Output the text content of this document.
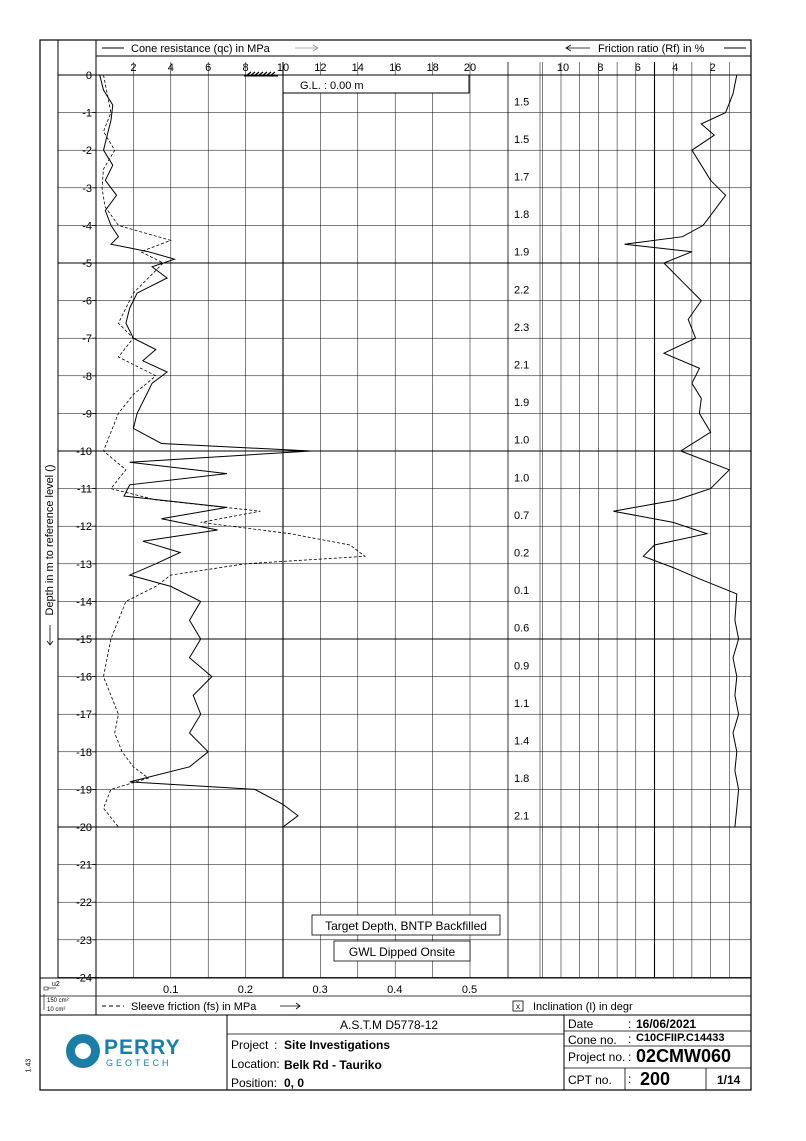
0
-1
-2
-3
-4
-5
-6
-7
-8
-9
-10
-11
-12
-13
-14
-15
-16
-17
-18
-19
-20
-21
-22
-23
-24
2	4	6	8	10 12 14 16 18 20
0.1	0.2	0.3	0.4	0.5
10	8	6	4	2
1.5
1.5
1.7
1.8
1.9
2.2
2.3
2.1
1.9
1.0
1.0
0.7
0.2
0.1
0.6
0.9
1.1
1.4
1.8
2.1
Cone resistance (qc) in MPa	Friction ratio (Rf) in %
G.L. : 0.00 m
Target Depth, BNTP Backfilled
GWL Dipped Onsite
Depth in m to reference level ()
Sleeve friction (fs) in MPa	x Inclination (I) in degr
u2
150 cm²
10 cm²
PERRY
GEOTECH
1.43
A.S.T.M D5778-12
Project : Site Investigations
Location: Belk Rd - Tauriko
Position: 0, 0
Date	: 16/06/2021
Cone no. : C10CFIIP.C14433
Project no. : 02CMW060
CPT no. : 200	1/14
